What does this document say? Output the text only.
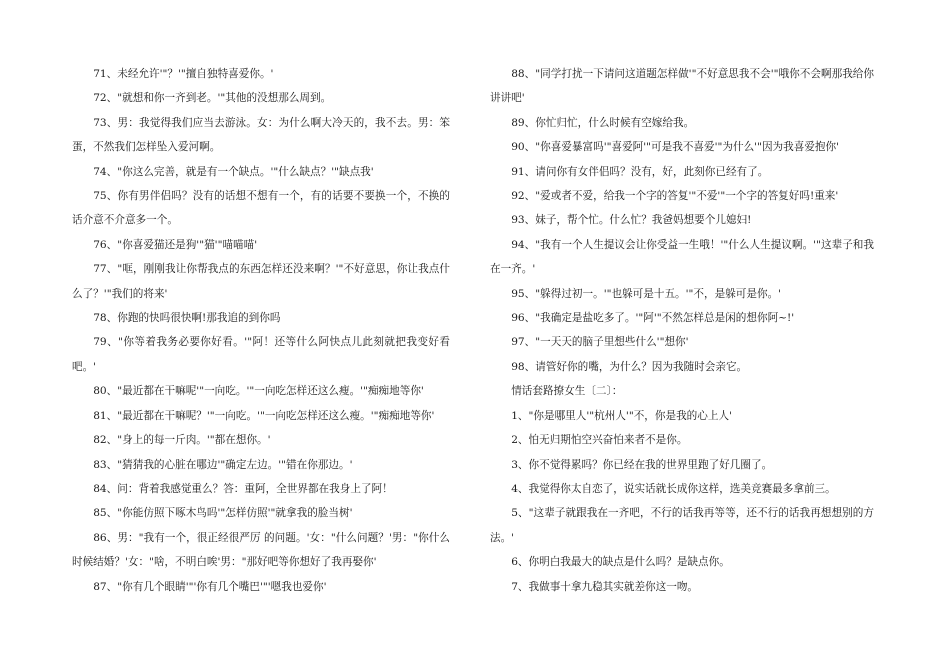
71、未经允许'"？'"擅自独特喜爱你。'

72、"就想和你一齐到老。'"其他的没想那么周到。

73、男：我觉得我们应当去游泳。女：为什么啊大冷天的，我不去。男：笨蛋，不然我们怎样坠入爱河啊。

74、"你这么完善，就是有一个缺点。'"什么缺点？'"缺点我'

75、你有男伴侣吗？没有的话想不想有一个，有的话要不要换一个，不换的话介意不介意多一个。

76、"你喜爱猫还是狗'"猫'"喵喵喵'

77、"哐，刚刚我让你帮我点的东西怎样还没来啊？'"不好意思，你让我点什么了？'"我们的将来'

78、你跑的快吗很快啊!那我追的到你吗

79、"你等着我务必要你好看。'"阿！还等什么阿快点儿此刻就把我变好看吧。'

80、"最近都在干嘛呢'"一向吃。'"一向吃怎样还这么瘦。'"痴痴地等你'

81、"最近都在干嘛呢？'"一向吃。'"一向吃怎样还这么瘦。'"痴痴地等你'

82、"身上的每一斤肉。'"都在想你。'

83、"猜猜我的心脏在哪边'"确定左边。'"错在你那边。'

84、问：背着我感觉重么？答：重阿，全世界都在我身上了阿！

85、"你能仿照下啄木鸟吗'"怎样仿照'"就拿我的脸当树'

86、男："我有一个，很正经很严厉 的问题。'女："什么问题？'男："你什么时候结婚？'女："啥，不明白唉'男："那好吧等你想好了我再娶你'

87、"你有几个眼睛'"'你有几个嘴巴'"'嗯我也爱你'

88、"同学打扰一下请问这道题怎样做'"不好意思我不会'"哦你不会啊那我给你讲讲吧'

89、你忙归忙，什么时候有空嫁给我。

90、"你喜爱暴富吗'"喜爱阿'"可是我不喜爱'"为什么'"因为我喜爱抱你'

91、请问你有女伴侣吗？没有，好，此刻你已经有了。

92、"爱或者不爱，给我一个字的答复'"不爱'"一个字的答复好吗!重来'

93、妹子，帮个忙。什么忙？我爸妈想要个儿媳妇!

94、"我有一个人生提议会让你受益一生哦！'"什么人生提议啊。'"这辈子和我在一齐。'

95、"躲得过初一。'"也躲可是十五。'"不，是躲可是你。'

96、"我确定是盐吃多了。'"阿'"不然怎样总是闲的想你阿~!'

97、"一天天的脑子里想些什么'"想你'

98、请管好你的嘴，为什么？因为我随时会亲它。

情话套路撩女生〔二〕：

1、"你是哪里人'"杭州人'"不，你是我的心上人'

2、怕无归期怕空兴奋怕来者不是你。

3、你不觉得累吗？你已经在我的世界里跑了好几圈了。

4、我觉得你太自恋了，说实话就长成你这样，选美竞赛最多拿前三。

5、"这辈子就跟我在一齐吧，不行的话我再等等，还不行的话我再想想别的方法。'

6、你明白我最大的缺点是什么吗？是缺点你。

7、我做事十拿九稳其实就差你这一吻。
